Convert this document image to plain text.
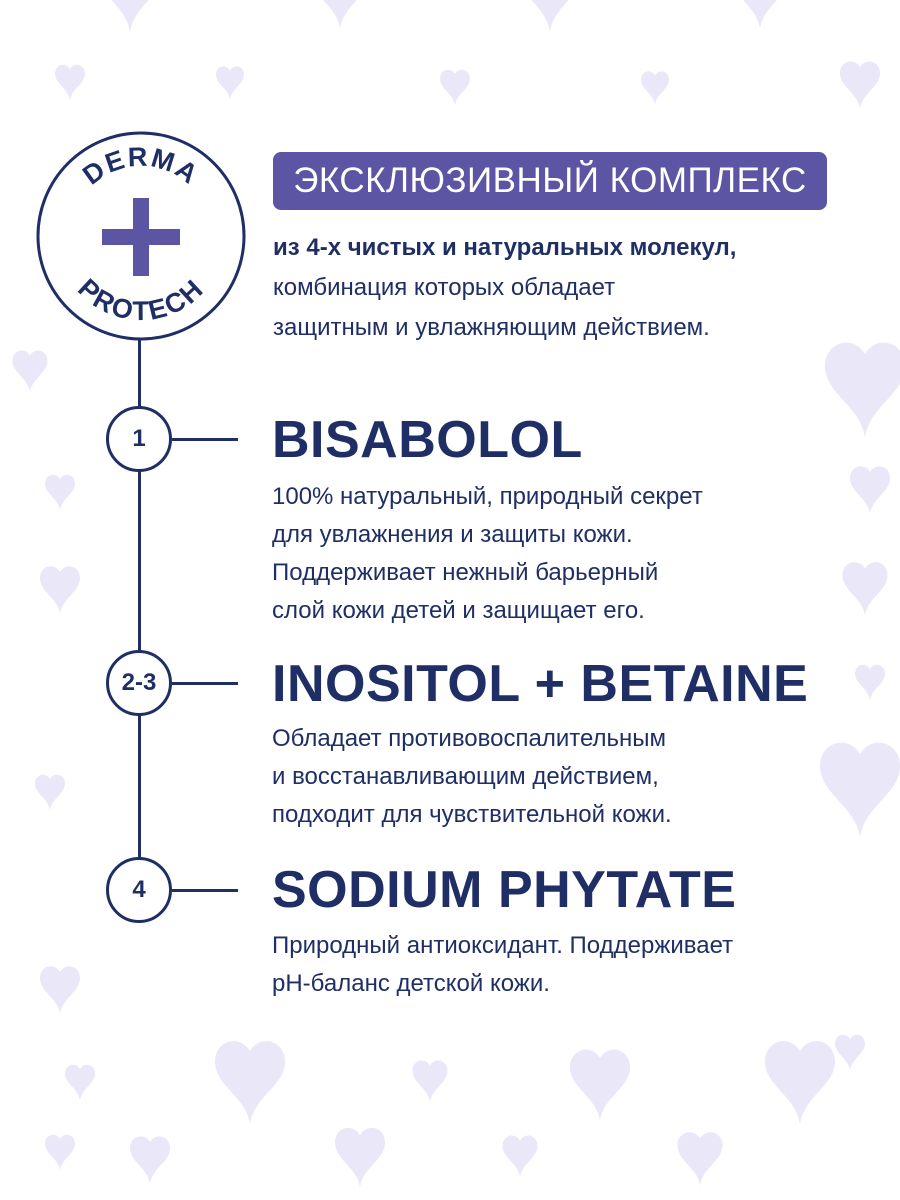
DERMA
PROTECH
ЭКСКЛЮЗИВНЫЙ КОМПЛЕКС
из 4-х чистых и натуральных молекул,
комбинация которых обладает
защитным и увлажняющим действием.
1	BISABOLOL
100% натуральный, природный секрет
для увлажнения и защиты кожи.
Поддерживает нежный барьерный
слой кожи детей и защищает его.
2-3	INOSITOL + BETAINE
Обладает противовоспалительным
и восстанавливающим действием,
подходит для чувствительной кожи.
4	SODIUM PHYTATE
Природный антиоксидант. Поддерживает
pH-баланс детской кожи.
